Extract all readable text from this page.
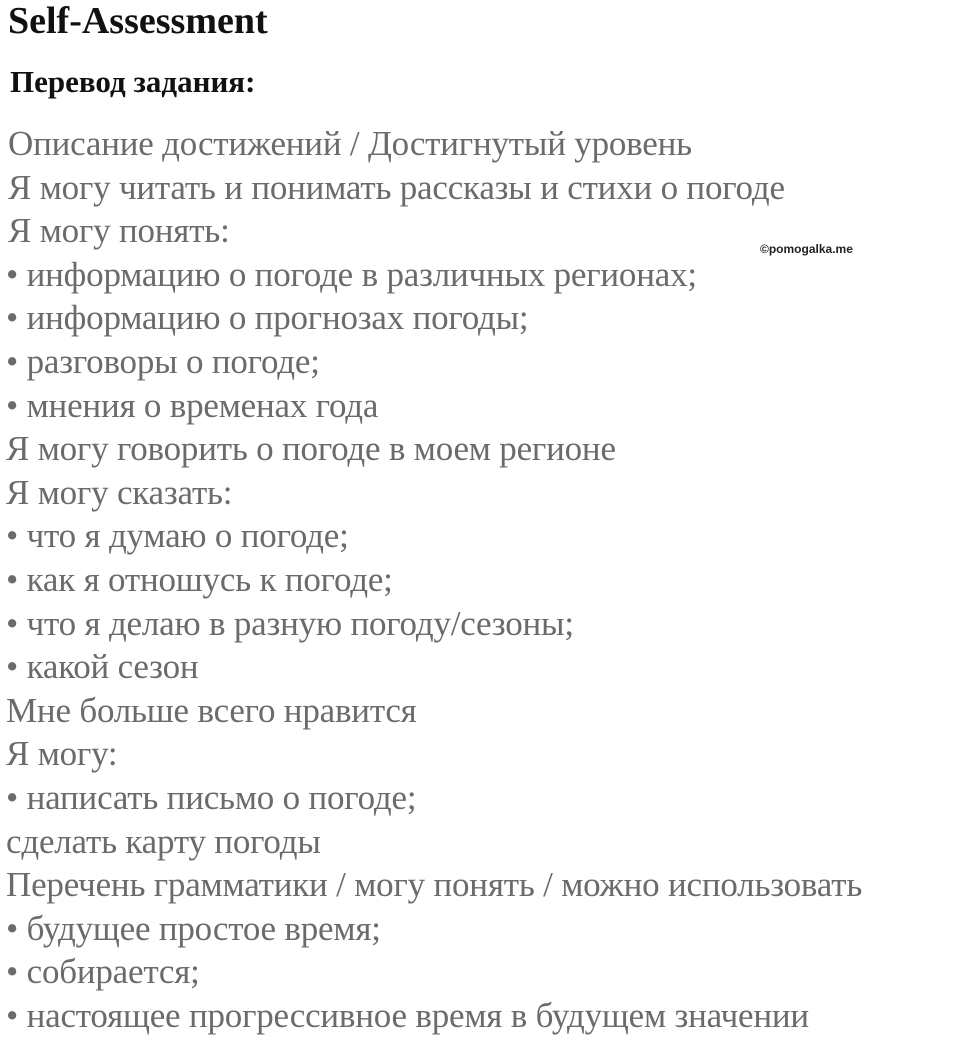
Self-Assessment
Перевод задания:
©pomogalka.me
Описание достижений / Достигнутый уровень
Я могу читать и понимать рассказы и стихи о погоде
Я могу понять:
• информацию о погоде в различных регионах;
• информацию о прогнозах погоды;
• разговоры о погоде;
• мнения о временах года
Я могу говорить о погоде в моем регионе
Я могу сказать:
• что я думаю о погоде;
• как я отношусь к погоде;
• что я делаю в разную погоду/сезоны;
• какой сезон
Мне больше всего нравится
Я могу:
• написать письмо о погоде;
сделать карту погоды
Перечень грамматики / могу понять / можно использовать
• будущее простое время;
• собирается;
• настоящее прогрессивное время в будущем значении
